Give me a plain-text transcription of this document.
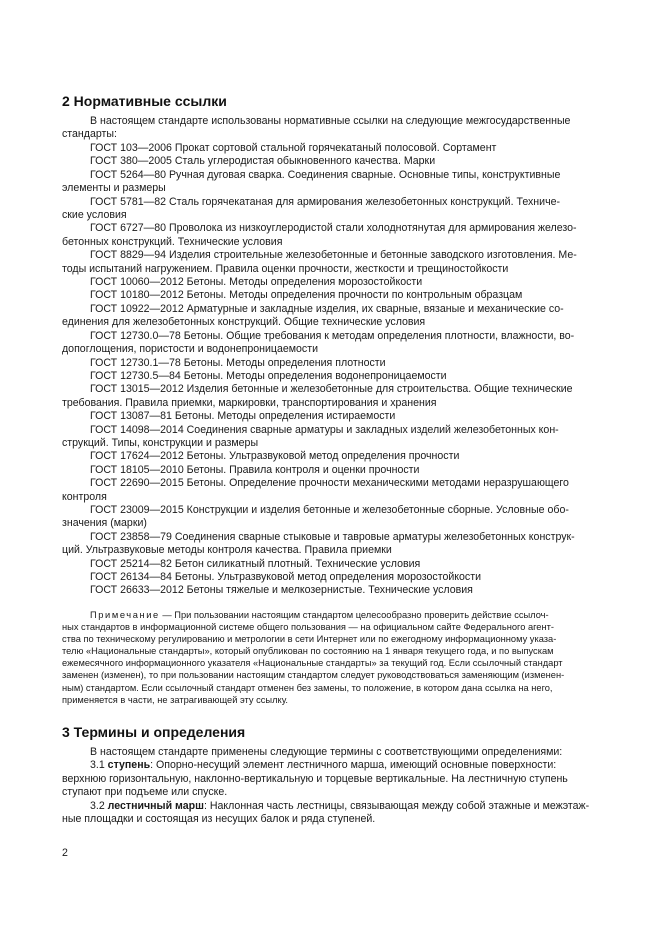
2 Нормативные ссылки
В настоящем стандарте использованы нормативные ссылки на следующие межгосударственные
стандарты:
ГОСТ 103—2006 Прокат сортовой стальной горячекатаный полосовой. Сортамент
ГОСТ 380—2005 Сталь углеродистая обыкновенного качества. Марки
ГОСТ 5264—80 Ручная дуговая сварка. Соединения сварные. Основные типы, конструктивные
элементы и размеры
ГОСТ 5781—82 Сталь горячекатаная для армирования железобетонных конструкций. Техниче-
ские условия
ГОСТ 6727—80 Проволока из низкоуглеродистой стали холоднотянутая для армирования железо-
бетонных конструкций. Технические условия
ГОСТ 8829—94 Изделия строительные железобетонные и бетонные заводского изготовления. Ме-
тоды испытаний нагружением. Правила оценки прочности, жесткости и трещиностойкости
ГОСТ 10060—2012 Бетоны. Методы определения морозостойкости
ГОСТ 10180—2012 Бетоны. Методы определения прочности по контрольным образцам
ГОСТ 10922—2012 Арматурные и закладные изделия, их сварные, вязаные и механические со-
единения для железобетонных конструкций. Общие технические условия
ГОСТ 12730.0—78 Бетоны. Общие требования к методам определения плотности, влажности, во-
допоглощения, пористости и водонепроницаемости
ГОСТ 12730.1—78 Бетоны. Методы определения плотности
ГОСТ 12730.5—84 Бетоны. Методы определения водонепроницаемости
ГОСТ 13015—2012 Изделия бетонные и железобетонные для строительства. Общие технические
требования. Правила приемки, маркировки, транспортирования и хранения
ГОСТ 13087—81 Бетоны. Методы определения истираемости
ГОСТ 14098—2014 Соединения сварные арматуры и закладных изделий железобетонных кон-
струкций. Типы, конструкции и размеры
ГОСТ 17624—2012 Бетоны. Ультразвуковой метод определения прочности
ГОСТ 18105—2010 Бетоны. Правила контроля и оценки прочности
ГОСТ 22690—2015 Бетоны. Определение прочности механическими методами неразрушающего
контроля
ГОСТ 23009—2015 Конструкции и изделия бетонные и железобетонные сборные. Условные обо-
значения (марки)
ГОСТ 23858—79 Соединения сварные стыковые и тавровые арматуры железобетонных конструк-
ций. Ультразвуковые методы контроля качества. Правила приемки
ГОСТ 25214—82 Бетон силикатный плотный. Технические условия
ГОСТ 26134—84 Бетоны. Ультразвуковой метод определения морозостойкости
ГОСТ 26633—2012 Бетоны тяжелые и мелкозернистые. Технические условия
Примечание — При пользовании настоящим стандартом целесообразно проверить действие ссылоч-
ных стандартов в информационной системе общего пользования — на официальном сайте Федерального агент-
ства по техническому регулированию и метрологии в сети Интернет или по ежегодному информационному указа-
телю «Национальные стандарты», который опубликован по состоянию на 1 января текущего года, и по выпускам
ежемесячного информационного указателя «Национальные стандарты» за текущий год. Если ссылочный стандарт
заменен (изменен), то при пользовании настоящим стандартом следует руководствоваться заменяющим (изменен-
ным) стандартом. Если ссылочный стандарт отменен без замены, то положение, в котором дана ссылка на него,
применяется в части, не затрагивающей эту ссылку.
3 Термины и определения
В настоящем стандарте применены следующие термины с соответствующими определениями:
3.1 ступень: Опорно-несущий элемент лестничного марша, имеющий основные поверхности:
верхнюю горизонтальную, наклонно-вертикальную и торцевые вертикальные. На лестничную ступень
ступают при подъеме или спуске.
3.2 лестничный марш: Наклонная часть лестницы, связывающая между собой этажные и межэтаж-
ные площадки и состоящая из несущих балок и ряда ступеней.
2
